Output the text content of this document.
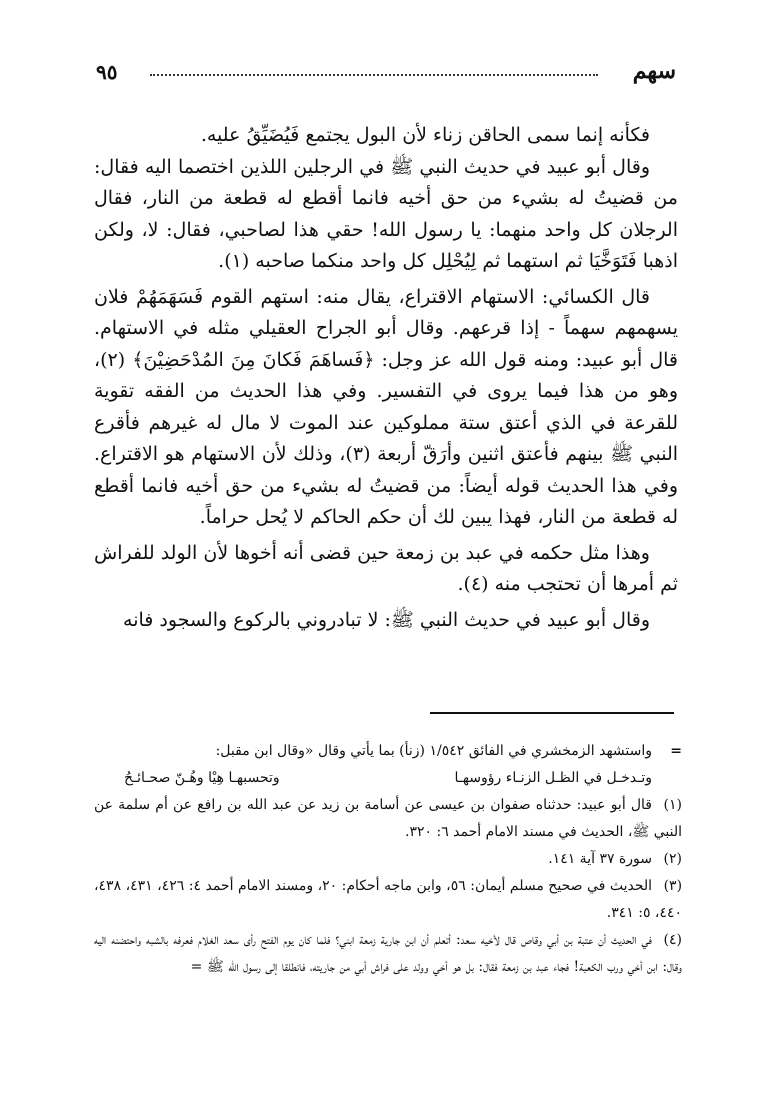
سهم
٩٥

فكأنه إنما سمى الحاقن زناء لأن البول يجتمع فَيُضَيِّقُ عليه.

وقال أبو عبيد في حديث النبي ﷺ في الرجلين اللذين اختصما اليه فقال: من قضيتُ له بشيء من حق أخيه فانما أقطع له قطعة من النار، فقال الرجلان كل واحد منهما: يا رسول الله! حقي هذا لصاحبي، فقال: لا، ولكن اذهبا فَتَوَخَّيَا ثم استهما ثم لِيُحْلِل كل واحد منكما صاحبه (١).

قال الكسائي: الاستهام الاقتراع، يقال منه: استهم القوم فَسَهَمَهُمْ فلان يسهمهم سهماً - إذا قرعهم. وقال أبو الجراح العقيلي مثله في الاستهام. قال أبو عبيد: ومنه قول الله عز وجل: ﴿فَساهَمَ فَكانَ مِنَ المُدْحَضِيْنَ﴾ (٢)، وهو من هذا فيما يروى في التفسير. وفي هذا الحديث من الفقه تقوية للقرعة في الذي أعتق ستة مملوكين عند الموت لا مال له غيرهم فأقرع النبي ﷺ بينهم فأعتق اثنين وأرَقّ أربعة (٣)، وذلك لأن الاستهام هو الاقتراع. وفي هذا الحديث قوله أيضاً: من قضيتُ له بشيء من حق أخيه فانما أقطع له قطعة من النار، فهذا يبين لك أن حكم الحاكم لا يُحل حراماً.

وهذا مثل حكمه في عبد بن زمعة حين قضى أنه أخوها لأن الولد للفراش ثم أمرها أن تحتجب منه (٤).

وقال أبو عبيد في حديث النبي ﷺ: لا تبادروني بالركوع والسجود فانه

=واستشهد الزمخشري في الفائق ١/٥٤٢ (زنأ) بما يأتي وقال «وقال ابن مقبل:

وتـدخـل في الظـل الزنـاء رؤوسهـا
وتحسبهـا هِيْا وهُـنّ صحـائـحُ

(١)قال أبو عبيد: حدثناه صفوان بن عيسى عن أسامة بن زيد عن عبد الله بن رافع عن أم سلمة عن النبي ﷺ، الحديث في مسند الامام أحمد ٦: ٣٢٠.

(٢)سورة ٣٧ آية ١٤١.

(٣)الحديث في صحيح مسلم أيمان: ٥٦، وابن ماجه أحكام: ٢٠، ومسند الامام أحمد ٤: ٤٢٦، ٤٣١، ٤٣٨، ٤٤٠، ٥: ٣٤١.

(٤)في الحديث أن عتبة بن أبي وقاص قال لأخيه سعد: أتعلم أن ابن جارية زمعة ابني؟ فلما كان يوم الفتح رأى سعد الغلام فعرفه بالشبه واحتضنه اليه وقال: ابن أخي ورب الكعبة! فجاء عبد بن زمعة فقال: بل هو أخي وولد على فراش أبي من جاريته، فانطلقا إلى رسول الله ﷺ =
